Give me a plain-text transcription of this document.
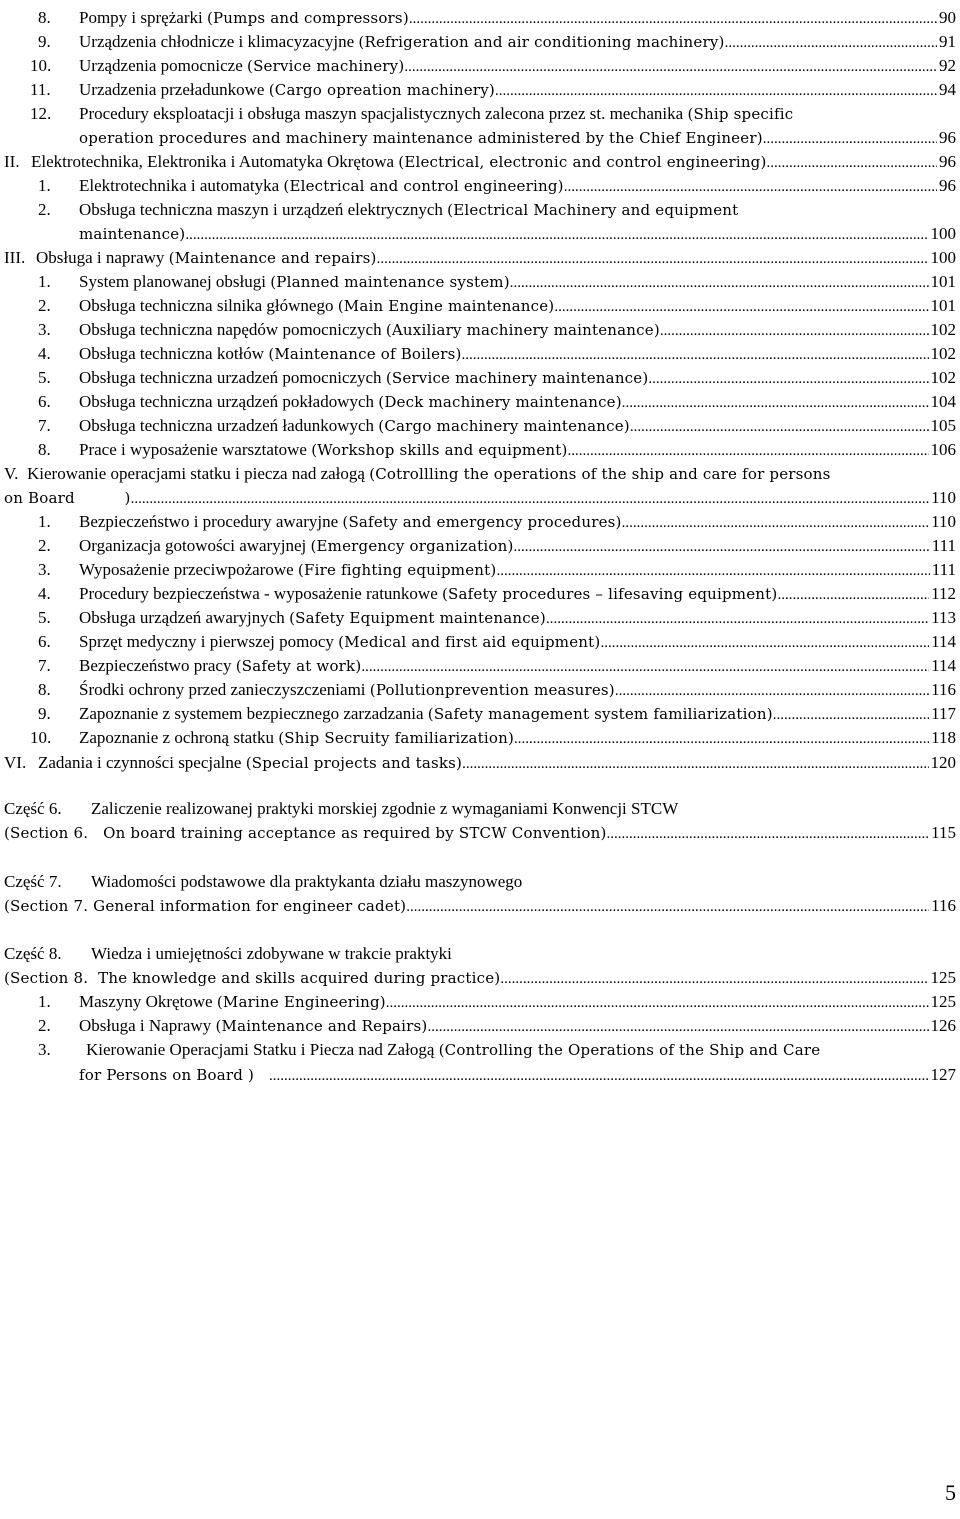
5
8. Pompy i sprężarki
(Pumps and compressors) .....	90
9. Urządzenia chłodnicze i klimacyzacyjne
(Refrigeration and air conditioning machinery) .....	91
10. Urządzenia pomocnicze
(Service machinery) .....	92
11. Urzadzenia przeładunkowe
(Cargo opreation machinery) .....	94
12. Procedury eksploatacji i obsługa maszyn spacjalistycznych zalecona przez st. mechanika
(Ship specific
operation procedures and machinery maintenance administered by the Chief Engineer) .....	96
II. Elektrotechnika, Elektronika i Automatyka Okrętowa
(Electrical, electronic and control engineering) .....	96
1. Elektrotechnika i automatyka
(Electrical and control engineering) .....	96
2. Obsługa techniczna maszyn i urządzeń elektrycznych
(Electrical Machinery and equipment
maintenance) .....	100
III. Obsługa i naprawy
(Maintenance and repairs) .....	100
1. System planowanej obsługi
(Planned maintenance system) .....	101
2. Obsługa techniczna silnika głównego
(Main Engine maintenance) .....	101
3. Obsługa techniczna napędów pomocniczych
(Auxiliary machinery maintenance) .....	102
4. Obsługa techniczna kotłów
(Maintenance of Boilers) .....	102
5. Obsługa techniczna urzadzeń pomocniczych
(Service machinery maintenance) .....	102
6. Obsługa techniczna urządzeń pokładowych
(Deck machinery maintenance) .....	104
7. Obsługa techniczna urzadzeń ładunkowych
(Cargo machinery maintenance) .....	105
8. Prace i wyposażenie warsztatowe
(Workshop skills and equipment) .....	106
V. Kierowanie operacjami statku i piecza nad załogą
(Cotrollling the operations of the ship and care for persons
on Board          ) .....	110
1. Bezpieczeństwo i procedury awaryjne
(Safety and emergency procedures) .....	110
2. Organizacja gotowości awaryjnej
(Emergency organization) .....	111
3. Wyposażenie przeciwpożarowe
(Fire fighting equipment) .....	111
4. Procedury bezpieczeństwa - wyposażenie ratunkowe
(Safety procedures – lifesaving equipment) .....	112
5. Obsługa urządzeń awaryjnych
(Safety Equipment maintenance) .....	113
6. Sprzęt medyczny i pierwszej pomocy
(Medical and first aid equipment) .....	114
7. Bezpieczeństwo pracy
(Safety at work) .....	114
8. Środki ochrony przed zanieczyszczeniami
(Pollutionprevention measures) .....	116
9. Zapoznanie z systemem bezpiecznego zarzadzania
(Safety management system familiarization) .....	117
10. Zapoznanie z ochroną statku
(Ship Secruity familiarization) .....	118
VI. Zadania i czynności specjalne
(Special projects and tasks) .....	120
Część 6. Zaliczenie realizowanej praktyki morskiej zgodnie z wymaganiami Konwencji STCW
(Section 6.   On board training acceptance as required by STCW Convention) .....	115
Część 7. Wiadomości podstawowe dla praktykanta działu maszynowego
(Section 7. General information for engineer cadet) .....	116
Część 8. Wiedza i umiejętności zdobywane w trakcie praktyki
(Section 8.  The knowledge and skills acquired during practice) .....	125
1. Maszyny Okrętowe
(Marine Engineering) .....	125
2. Obsługa i Naprawy
(Maintenance and Repairs) .....	126
3. Kierowanie Operacjami Statku i Piecza nad Załogą
(Controlling the Operations of the Ship and Care
for Persons on Board ) .....	127
